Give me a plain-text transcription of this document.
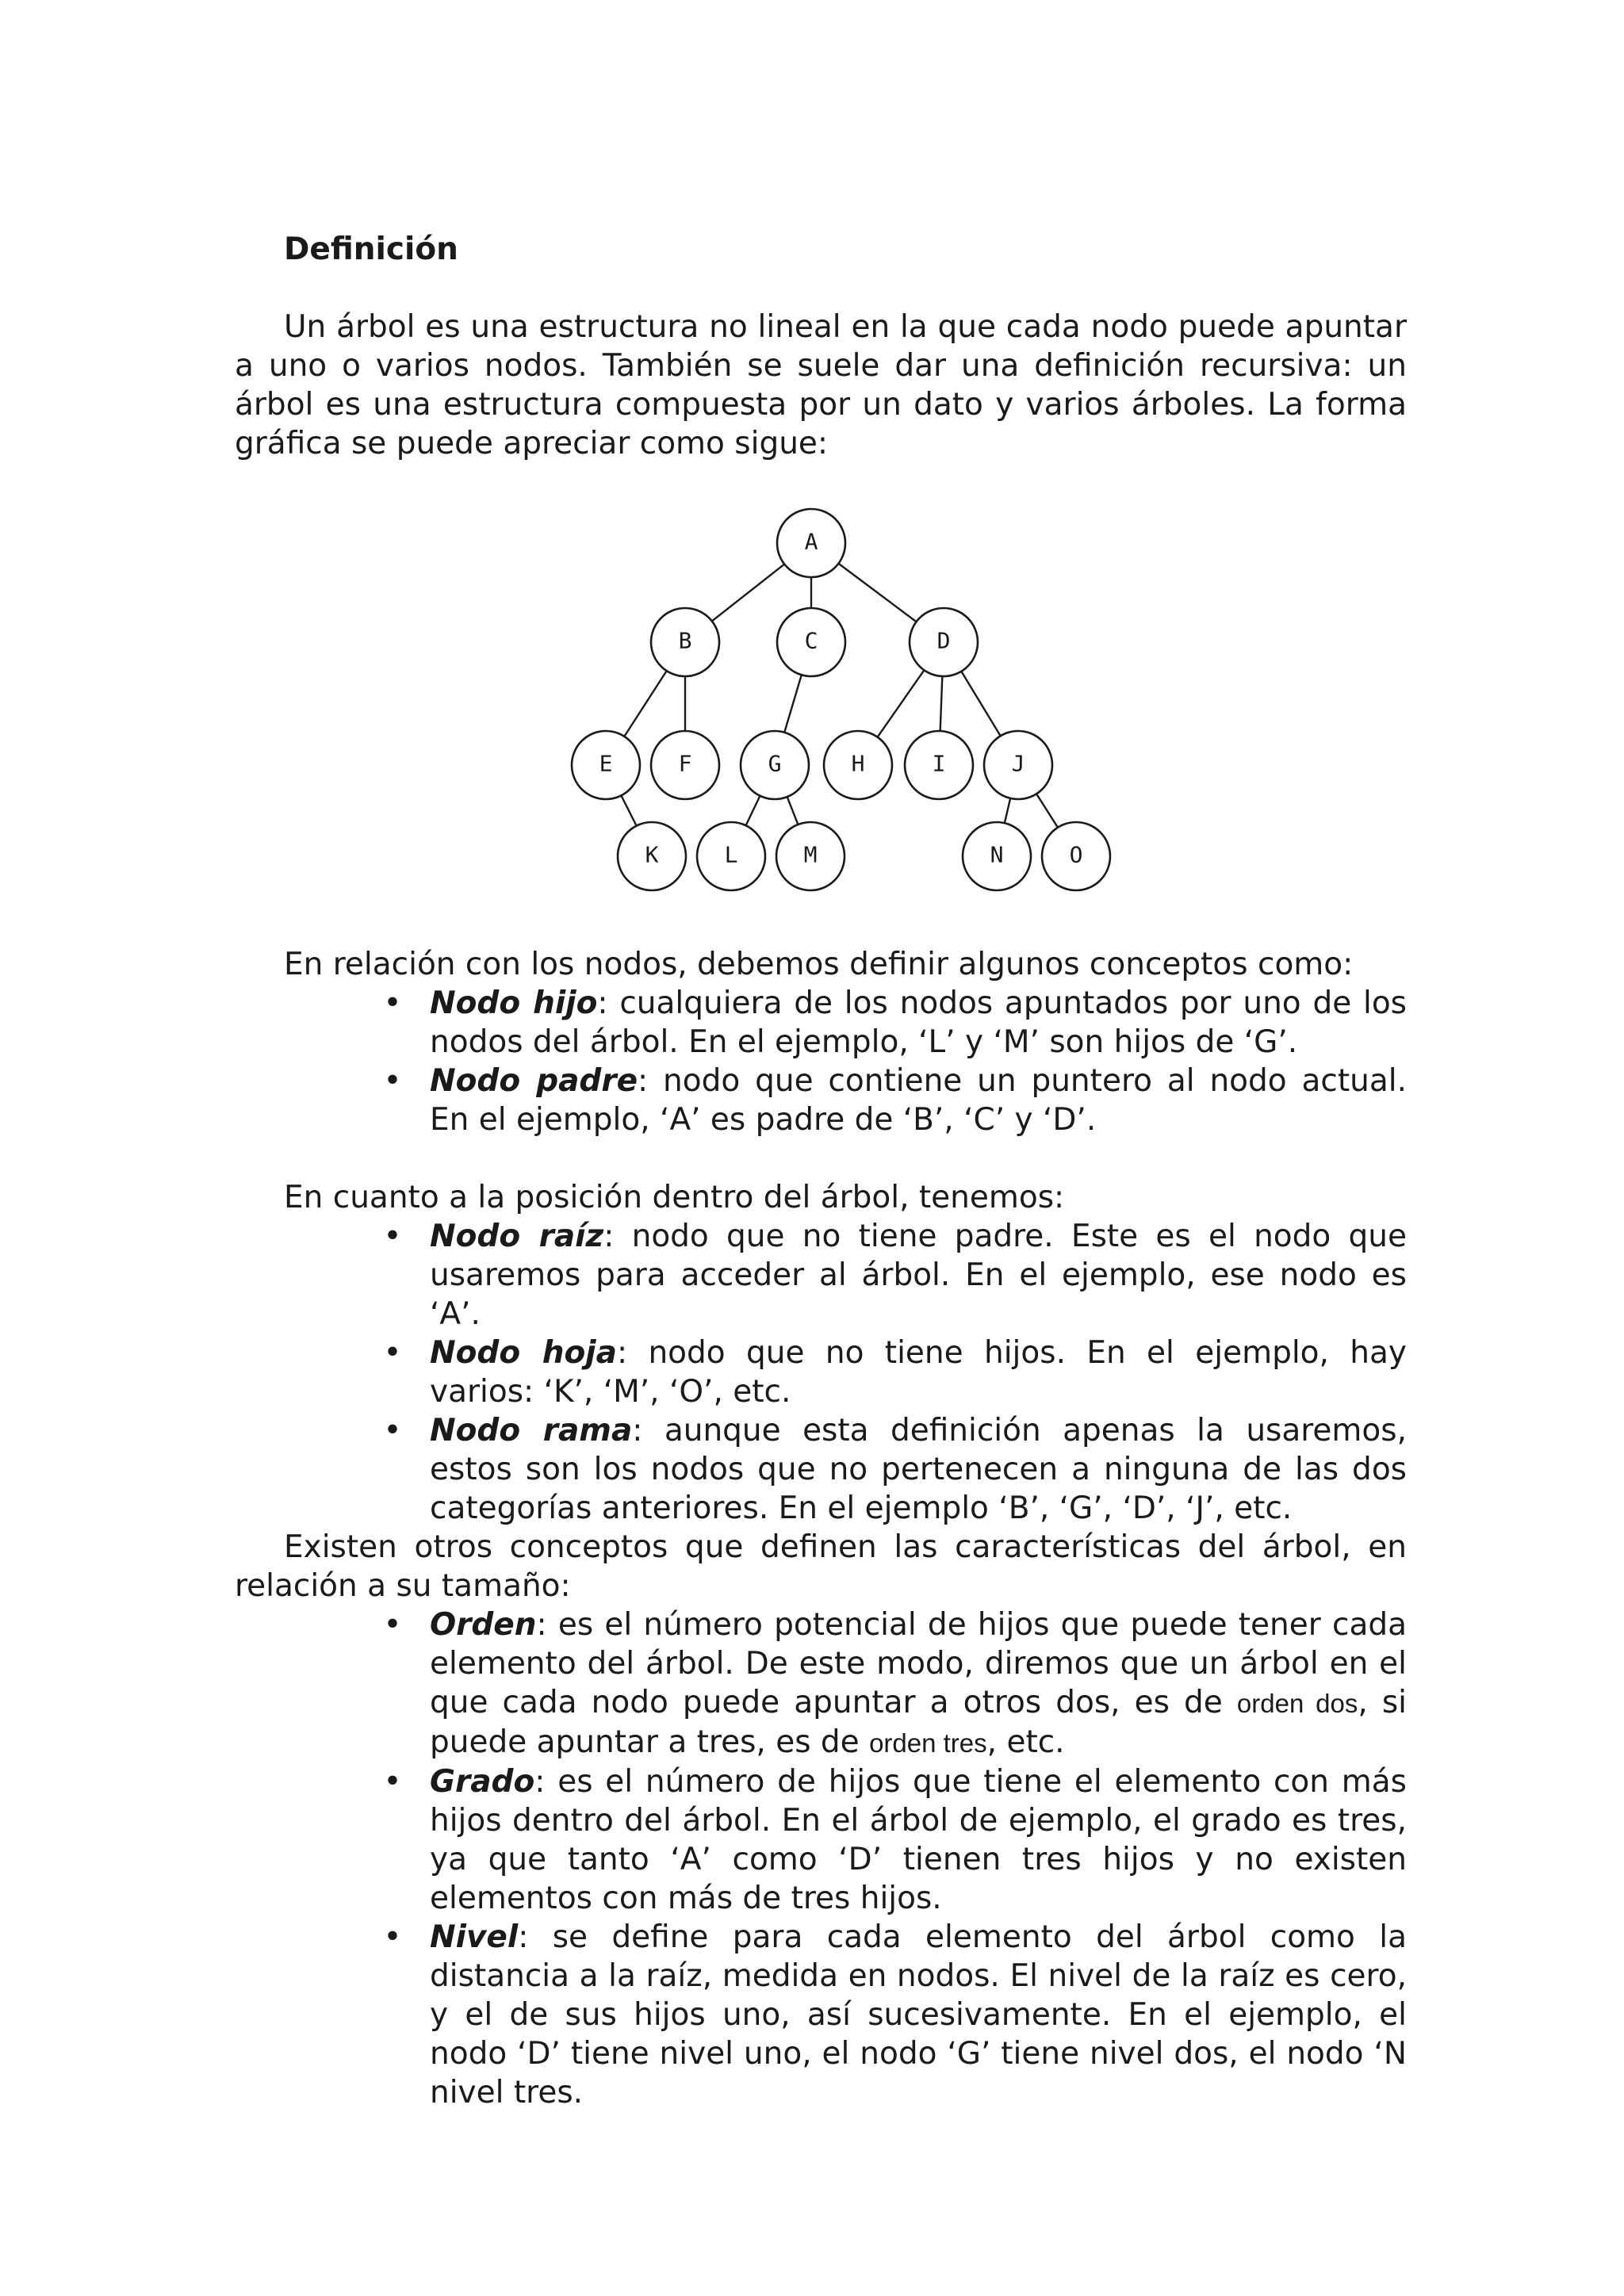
Definición

Un árbol es una estructura no lineal en la que cada nodo puede apuntar a uno o varios nodos. También se suele dar una definición recursiva: un árbol es una estructura compuesta por un dato y varios árboles. La forma gráfica se puede apreciar como sigue:

A
B	C	D
E	F	G	H	I	J
K	L	M	N	O

En relación con los nodos, debemos definir algunos conceptos como:

• Nodo hijo: cualquiera de los nodos apuntados por uno de los nodos del árbol. En el ejemplo, ‘L’ y ‘M’ son hijos de ‘G’.
• Nodo padre: nodo que contiene un puntero al nodo actual. En el ejemplo, ‘A’ es padre de ‘B’, ‘C’ y ‘D’.

En cuanto a la posición dentro del árbol, tenemos:

• Nodo raíz: nodo que no tiene padre. Este es el nodo que usaremos para acceder al árbol. En el ejemplo, ese nodo es ‘A’.
• Nodo hoja: nodo que no tiene hijos. En el ejemplo, hay varios: ‘K’, ‘M’, ‘O’, etc.
• Nodo rama: aunque esta definición apenas la usaremos, estos son los nodos que no pertenecen a ninguna de las dos categorías anteriores. En el ejemplo ‘B’, ‘G’, ‘D’, ‘J’, etc.

Existen otros conceptos que definen las características del árbol, en relación a su tamaño:

• Orden: es el número potencial de hijos que puede tener cada elemento del árbol. De este modo, diremos que un árbol en el que cada nodo puede apuntar a otros dos, es de orden dos, si puede apuntar a tres, es de orden tres, etc.
• Grado: es el número de hijos que tiene el elemento con más hijos dentro del árbol. En el árbol de ejemplo, el grado es tres, ya que tanto ‘A’ como ‘D’ tienen tres hijos y no existen elementos con más de tres hijos.
• Nivel: se define para cada elemento del árbol como la distancia a la raíz, medida en nodos. El nivel de la raíz es cero, y el de sus hijos uno, así sucesivamente. En el ejemplo, el nodo ‘D’ tiene nivel uno, el nodo ‘G’ tiene nivel dos, el nodo ‘N nivel tres.
